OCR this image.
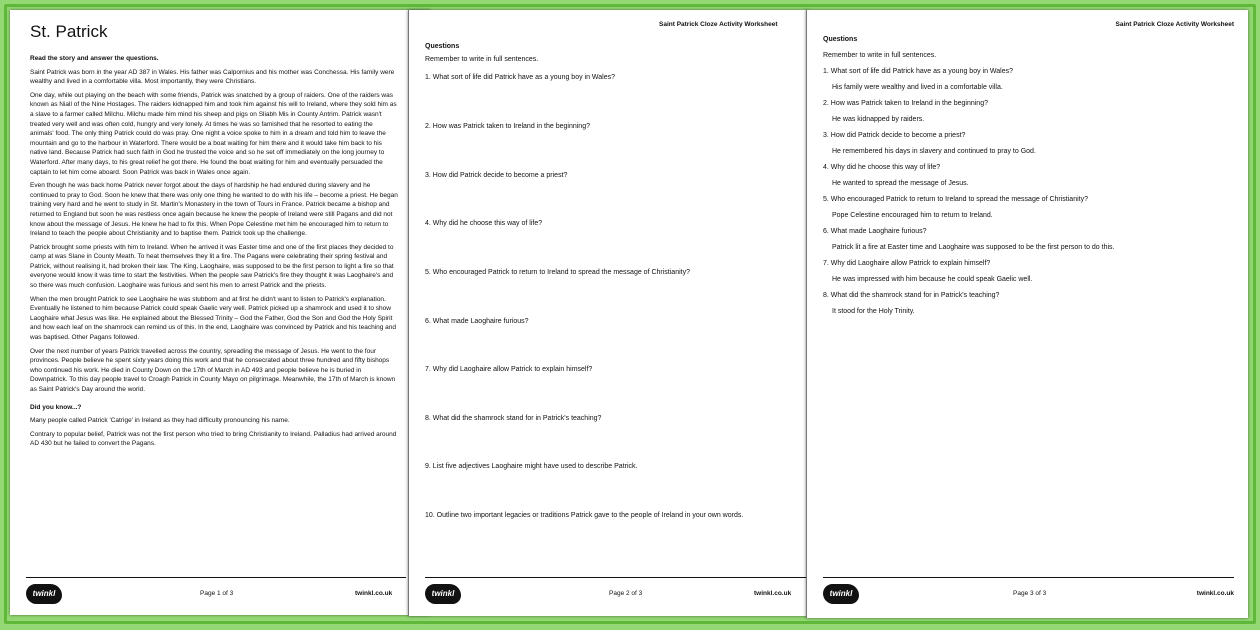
St. Patrick

Read the story and answer the questions.

Saint Patrick was born in the year AD 387 in Wales. His father was Calpornius and his mother was Conchessa. His family were wealthy and lived in a comfortable villa. Most importantly, they were Christians.

One day, while out playing on the beach with some friends, Patrick was snatched by a group of raiders. One of the raiders was known as Niall of the Nine Hostages. The raiders kidnapped him and took him against his will to Ireland, where they sold him as a slave to a farmer called Milchu. Milchu made him mind his sheep and pigs on Sliabh Mis in County Antrim. Patrick wasn't treated very well and was often cold, hungry and very lonely. At times he was so famished that he resorted to eating the animals' food. The only thing Patrick could do was pray. One night a voice spoke to him in a dream and told him to leave the mountain and go to the harbour in Waterford. There would be a boat waiting for him there and it would take him back to his native land. Because Patrick had such faith in God he trusted the voice and so he set off immediately on the long journey to Waterford. After many days, to his great relief he got there. He found the boat waiting for him and eventually persuaded the captain to let him come aboard. Soon Patrick was back in Wales once again.

Even though he was back home Patrick never forgot about the days of hardship he had endured during slavery and he continued to pray to God. Soon he knew that there was only one thing he wanted to do with his life – become a priest. He began training very hard and he went to study in St. Martin's Monastery in the town of Tours in France. Patrick became a bishop and returned to England but soon he was restless once again because he knew the people of Ireland were still Pagans and did not know about the message of Jesus. He knew he had to fix this. When Pope Celestine met him he encouraged him to return to Ireland to teach the people about Christianity and to baptise them. Patrick took up the challenge.

Patrick brought some priests with him to Ireland. When he arrived it was Easter time and one of the first places they decided to camp at was Slane in County Meath. To heat themselves they lit a fire. The Pagans were celebrating their spring festival and Patrick, without realising it, had broken their law. The King, Laoghaire, was supposed to be the first person to light a fire so that everyone would know it was time to start the festivities. When the people saw Patrick's fire they thought it was Laoghaire's and so there was much confusion. Laoghaire was furious and sent his men to arrest Patrick and the priests.

When the men brought Patrick to see Laoghaire he was stubborn and at first he didn't want to listen to Patrick's explanation. Eventually he listened to him because Patrick could speak Gaelic very well. Patrick picked up a shamrock and used it to show Laoghaire what Jesus was like. He explained about the Blessed Trinity – God the Father, God the Son and God the Holy Spirit and how each leaf on the shamrock can remind us of this. In the end, Laoghaire was convinced by Patrick and his teaching and was baptised. Other Pagans followed.

Over the next number of years Patrick travelled across the country, spreading the message of Jesus. He went to the four provinces. People believe he spent sixty years doing this work and that he consecrated about three hundred and fifty bishops who continued his work. He died in County Down on the 17th of March in AD 493 and people believe he is buried in Downpatrick. To this day people travel to Croagh Patrick in County Mayo on pilgrimage. Meanwhile, the 17th of March is known as Saint Patrick's Day around the world.

Did you know...?

Many people called Patrick 'Catrige' in Ireland as they had difficulty pronouncing his name.

Contrary to popular belief, Patrick was not the first person who tried to bring Christianity to Ireland. Palladius had arrived around AD 430 but he failed to convert the Pagans.

twinkl	Page 1 of 3	twinkl.co.uk
Saint Patrick Cloze Activity Worksheet
Questions
Remember to write in full sentences.
1. What sort of life did Patrick have as a young boy in Wales?
2. How was Patrick taken to Ireland in the beginning?
3. How did Patrick decide to become a priest?
4. Why did he choose this way of life?
5. Who encouraged Patrick to return to Ireland to spread the message of Christianity?
6. What made Laoghaire furious?
7. Why did Laoghaire allow Patrick to explain himself?
8. What did the shamrock stand for in Patrick's teaching?
9. List five adjectives Laoghaire might have used to describe Patrick.
10. Outline two important legacies or traditions Patrick gave to the people of Ireland in your own words.
twinkl	Page 2 of 3	twinkl.co.uk
Saint Patrick Cloze Activity Worksheet
Questions
Remember to write in full sentences.
1. What sort of life did Patrick have as a young boy in Wales?
His family were wealthy and lived in a comfortable villa.
2. How was Patrick taken to Ireland in the beginning?
He was kidnapped by raiders.
3. How did Patrick decide to become a priest?
He remembered his days in slavery and continued to pray to God.
4. Why did he choose this way of life?
He wanted to spread the message of Jesus.
5. Who encouraged Patrick to return to Ireland to spread the message of Christianity?
Pope Celestine encouraged him to return to Ireland.
6. What made Laoghaire furious?
Patrick lit a fire at Easter time and Laoghaire was supposed to be the first person to do this.
7. Why did Laoghaire allow Patrick to explain himself?
He was impressed with him because he could speak Gaelic well.
8. What did the shamrock stand for in Patrick's teaching?
It stood for the Holy Trinity.
twinkl	Page 3 of 3	twinkl.co.uk
